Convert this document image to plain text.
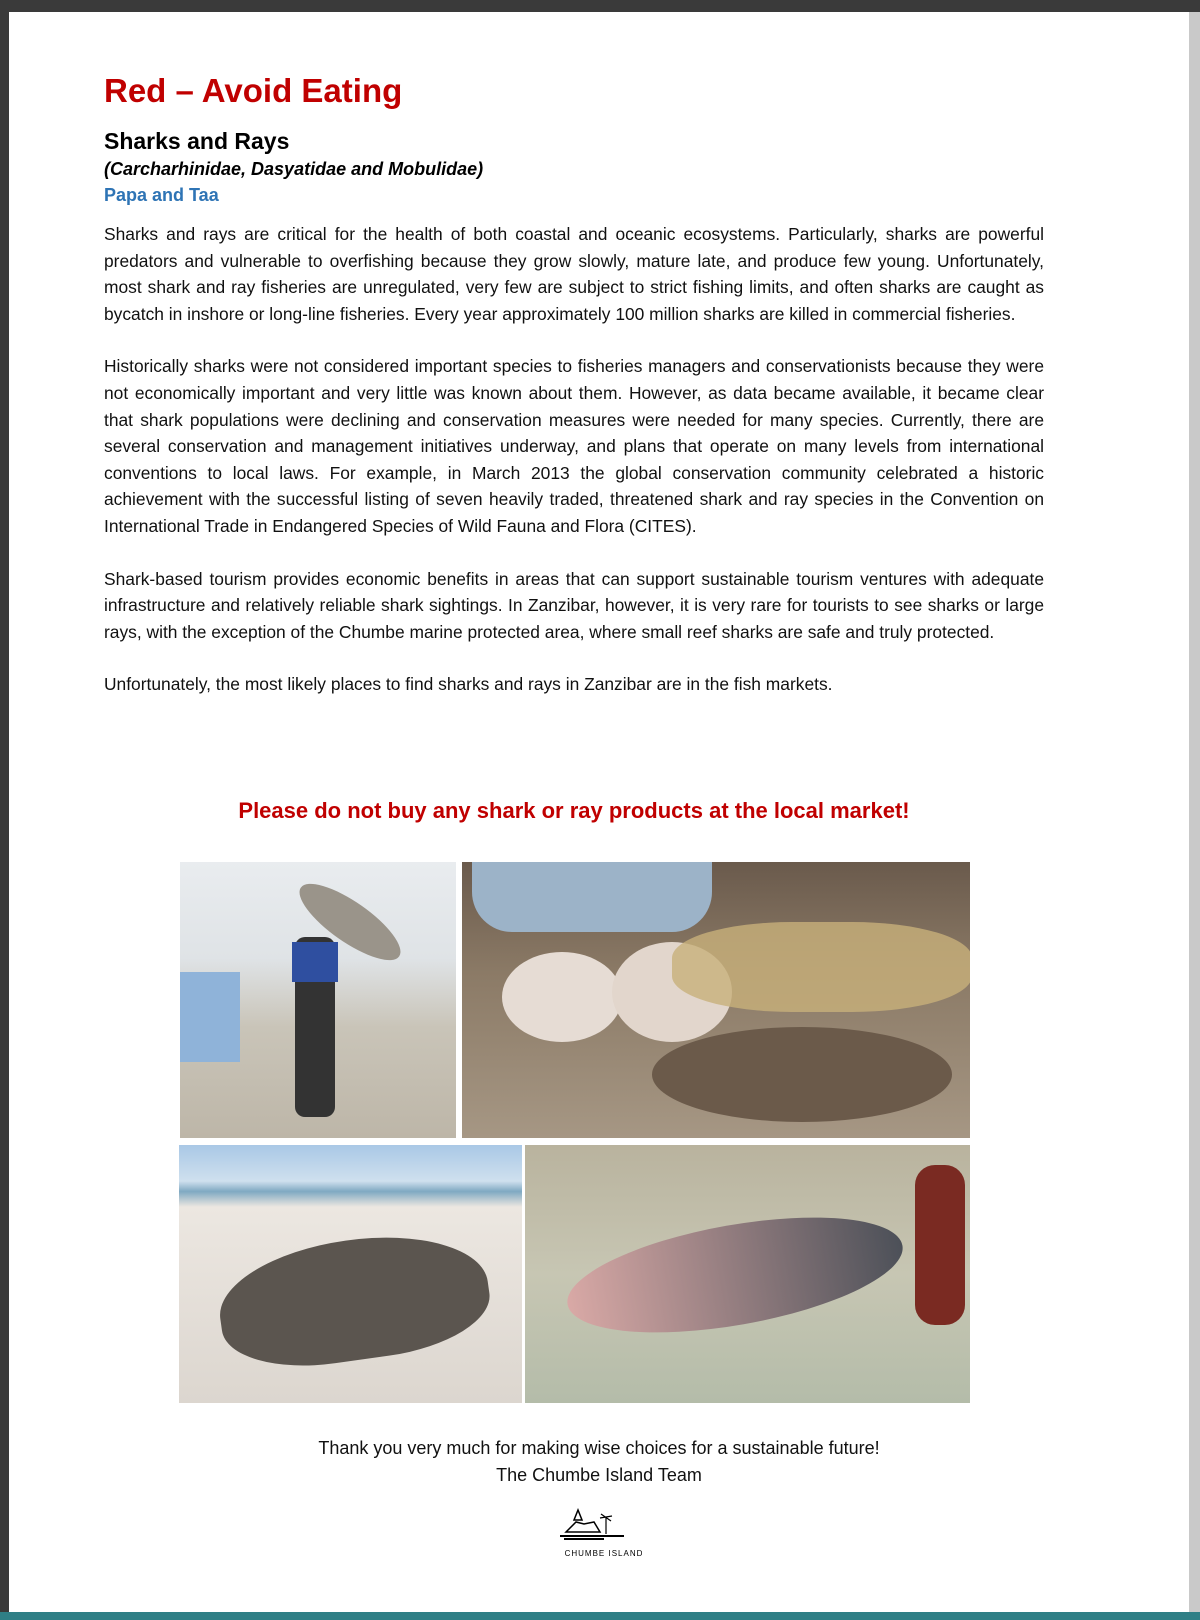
Red – Avoid Eating
Sharks and Rays
(Carcharhinidae, Dasyatidae and Mobulidae)
Papa and Taa

Sharks and rays are critical for the health of both coastal and oceanic ecosystems. Particularly, sharks are powerful predators and vulnerable to overfishing because they grow slowly, mature late, and produce few young. Unfortunately, most shark and ray fisheries are unregulated, very few are subject to strict fishing limits, and often sharks are caught as bycatch in inshore or long-line fisheries. Every year approximately 100 million sharks are killed in commercial fisheries.

Historically sharks were not considered important species to fisheries managers and conservationists because they were not economically important and very little was known about them. However, as data became available, it became clear that shark populations were declining and conservation measures were needed for many species. Currently, there are several conservation and management initiatives underway, and plans that operate on many levels from international conventions to local laws. For example, in March 2013 the global conservation community celebrated a historic achievement with the successful listing of seven heavily traded, threatened shark and ray species in the Convention on International Trade in Endangered Species of Wild Fauna and Flora (CITES).

Shark-based tourism provides economic benefits in areas that can support sustainable tourism ventures with adequate infrastructure and relatively reliable shark sightings. In Zanzibar, however, it is very rare for tourists to see sharks or large rays, with the exception of the Chumbe marine protected area, where small reef sharks are safe and truly protected.

Unfortunately, the most likely places to find sharks and rays in Zanzibar are in the fish markets.

Please do not buy any shark or ray products at the local market!
Thank you very much for making wise choices for a sustainable future!
The Chumbe Island Team
CHUMBE ISLAND
